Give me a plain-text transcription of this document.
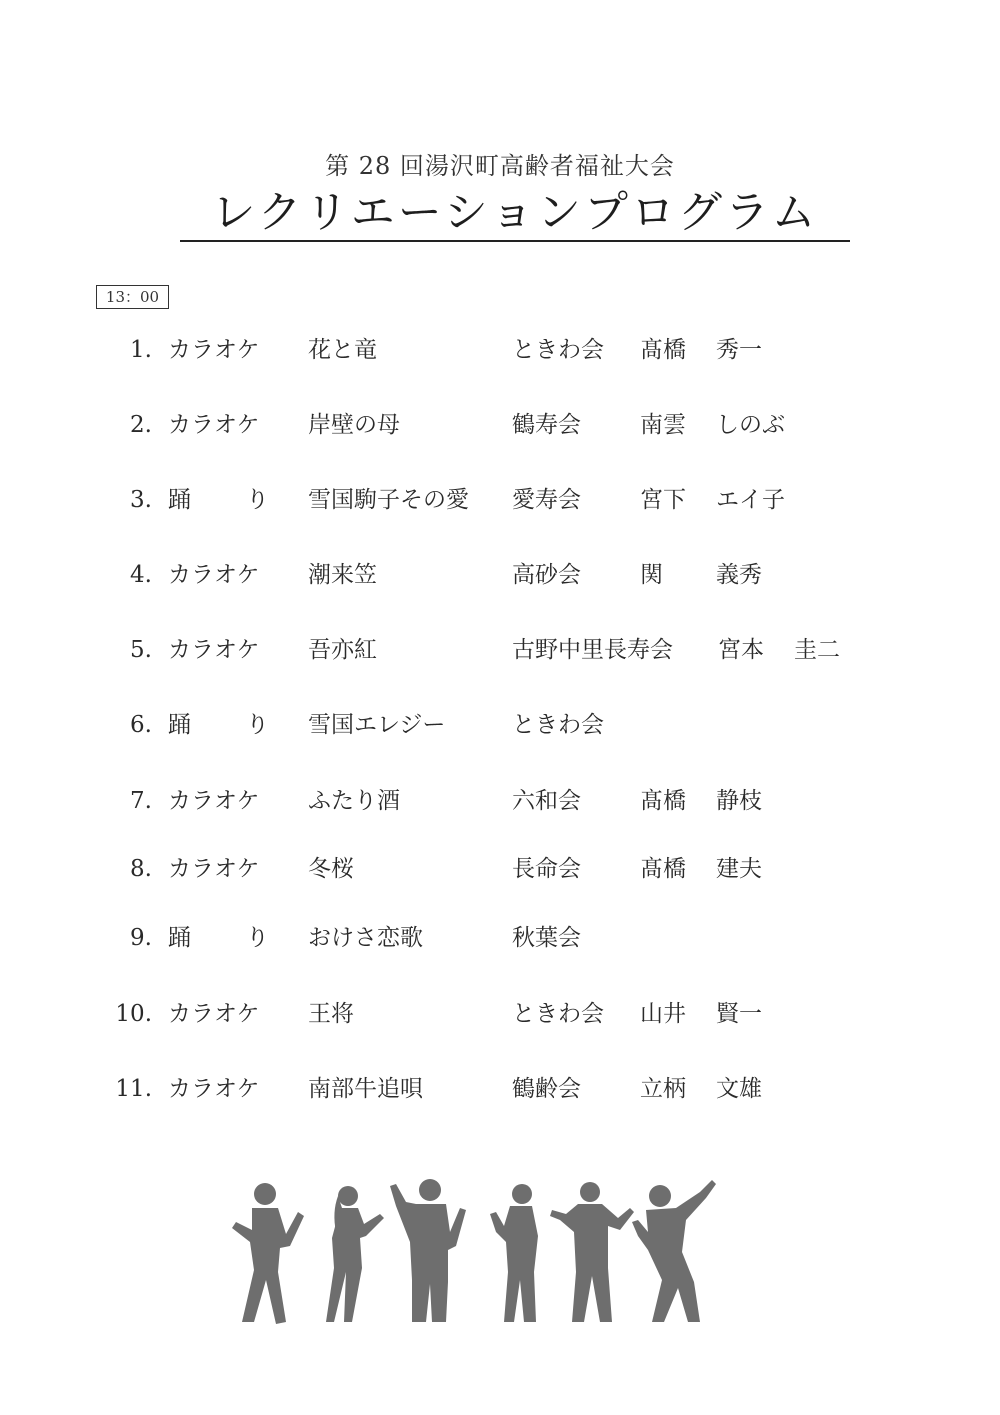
第 28 回湯沢町高齢者福祉大会
レクリエーションプログラム
13：00
1. カラオケ 花と竜	ときわ会 髙橋 秀一
2. カラオケ 岸壁の母	鶴寿会	南雲 しのぶ
3. 踊 り 雪国駒子その愛 愛寿会	宮下 エイ子
4. カラオケ 潮来笠	高砂会	関 義秀
5. カラオケ 吾亦紅	古野中里長寿会 宮本 圭二
6. 踊 り 雪国エレジー	ときわ会
7. カラオケ ふたり酒	六和会	髙橋 静枝
8. カラオケ 冬桜	長命会	髙橋 建夫
9. 踊 り おけさ恋歌	秋葉会
10. カラオケ 王将	ときわ会 山井 賢一
11. カラオケ 南部牛追唄	鶴齢会	立柄 文雄
